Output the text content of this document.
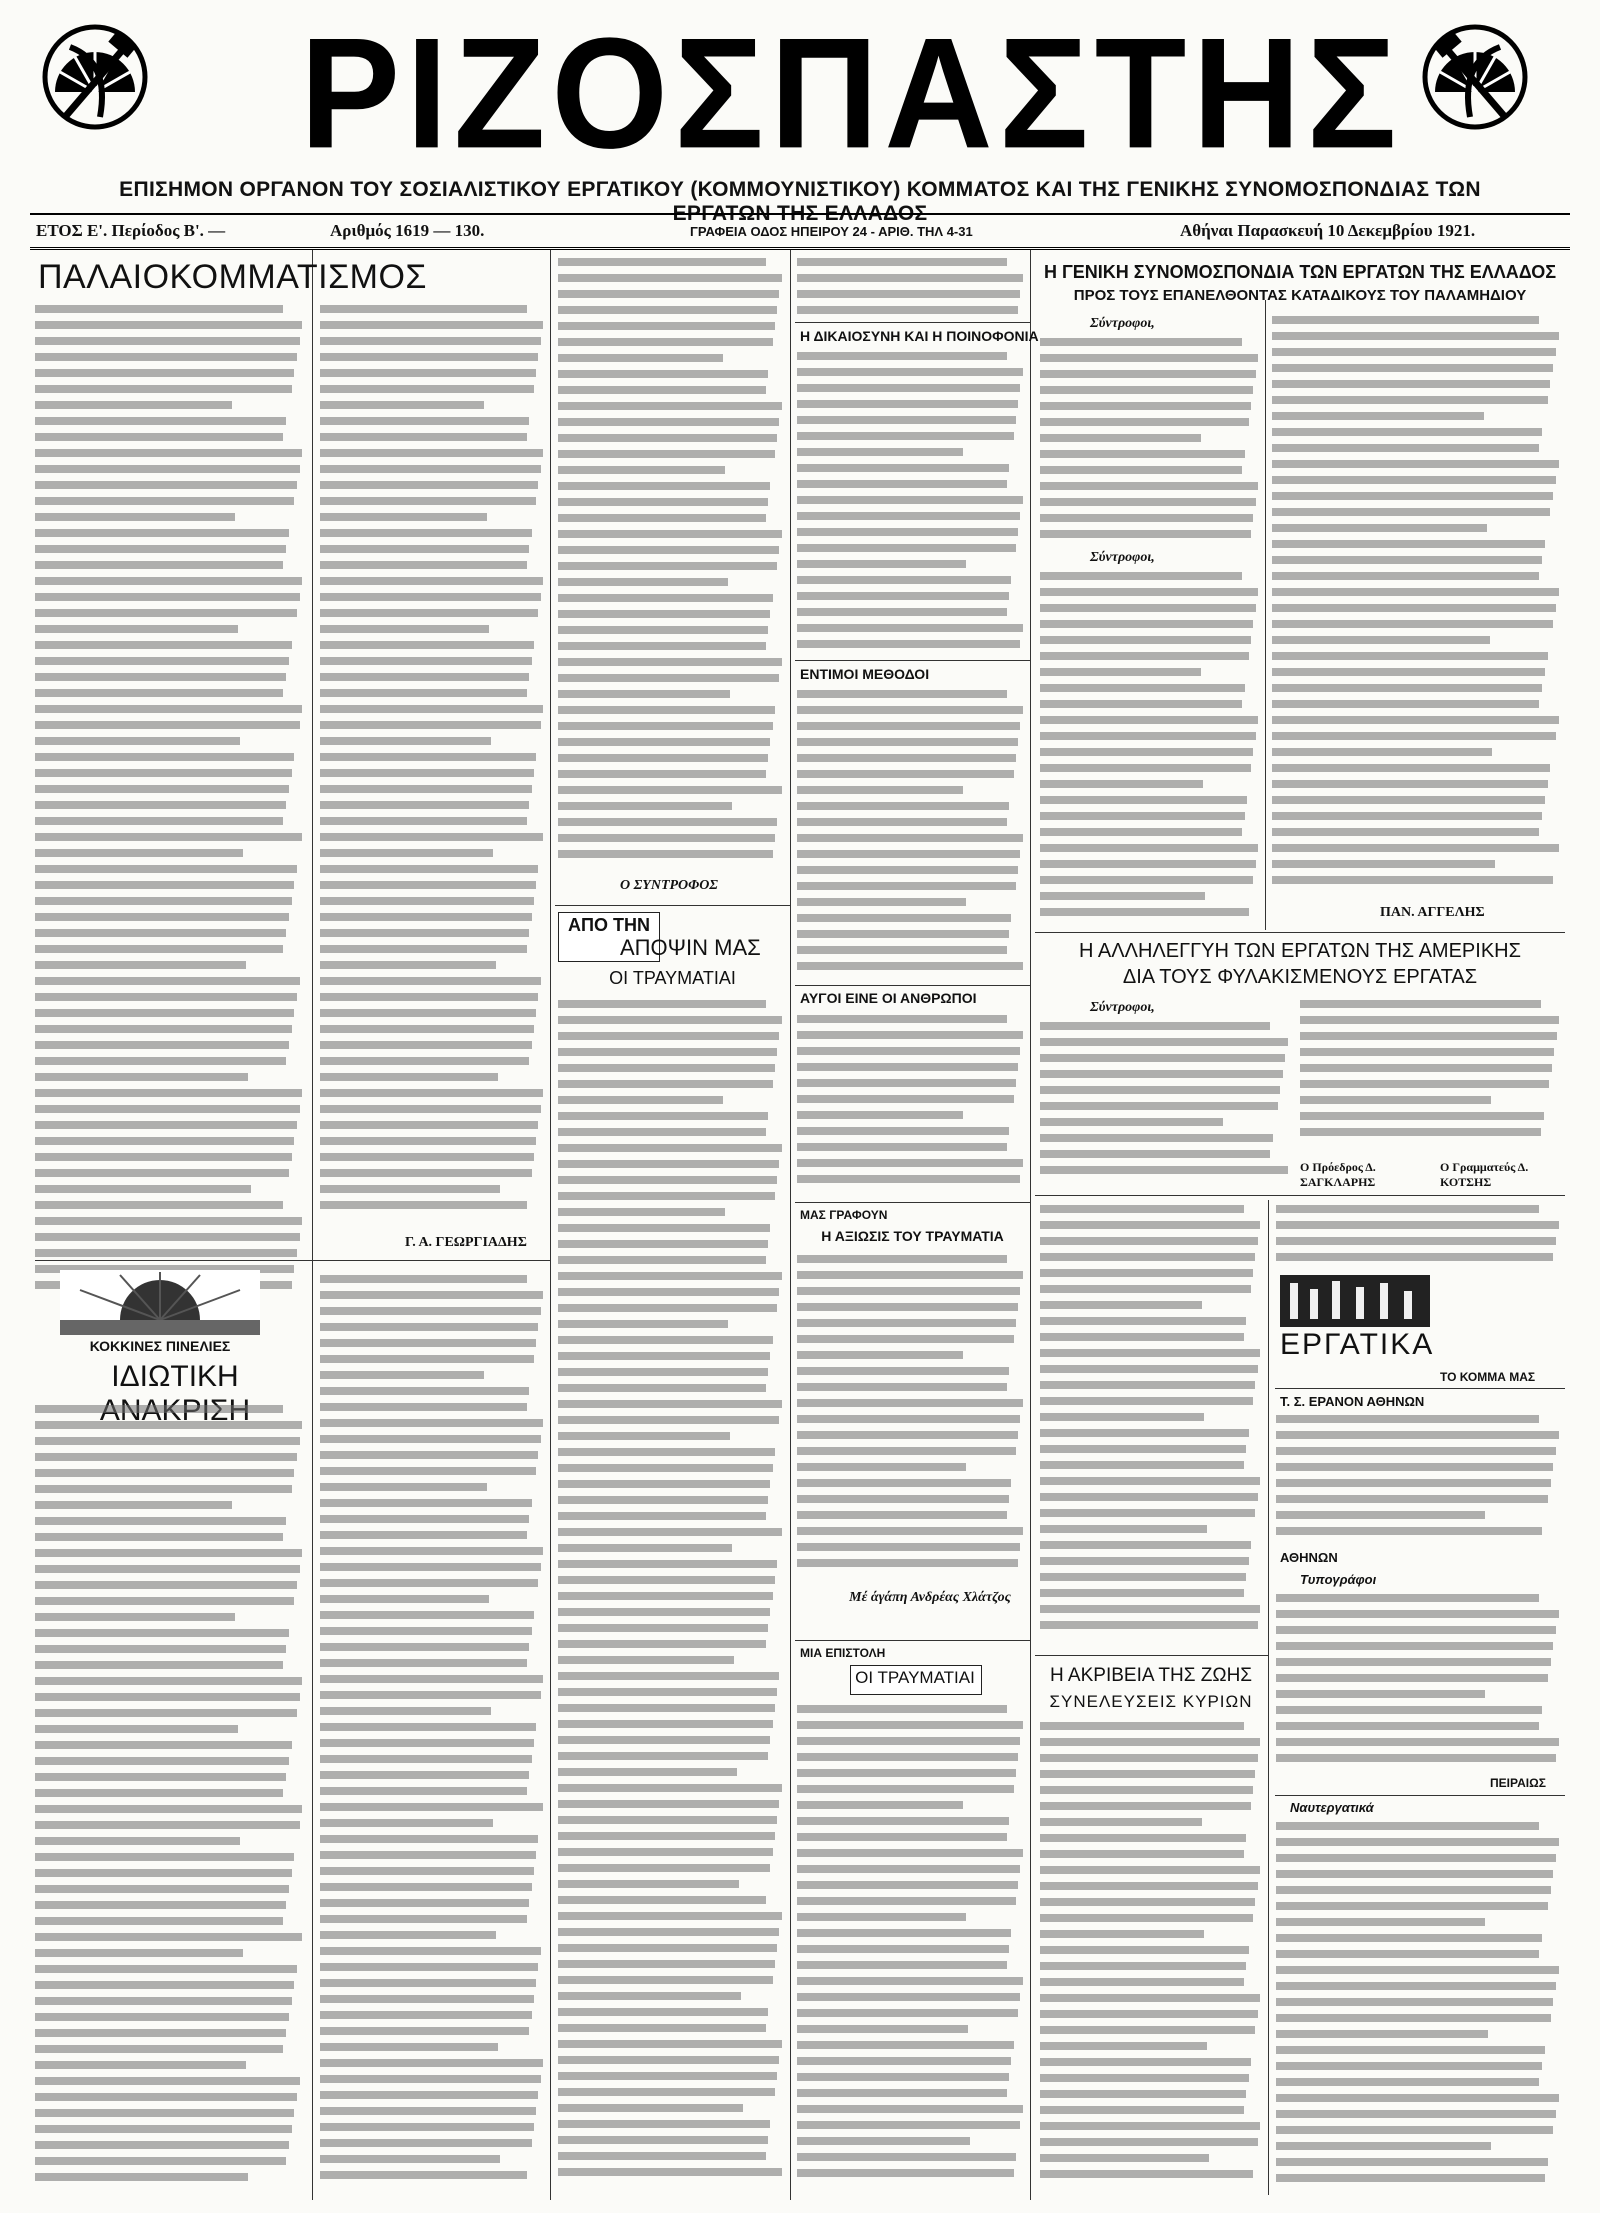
ΡΙΖΟΣΠΑΣΤΗΣ
ΕΠΙΣΗΜΟΝ ΟΡΓΑΝΟΝ ΤΟΥ ΣΟΣΙΑΛΙΣΤΙΚΟΥ ΕΡΓΑΤΙΚΟΥ (ΚΟΜΜΟΥΝΙΣΤΙΚΟΥ) ΚΟΜΜΑΤΟΣ ΚΑΙ ΤΗΣ ΓΕΝΙΚΗΣ ΣΥΝΟΜΟΣΠΟΝΔΙΑΣ ΤΩΝ ΕΡΓΑΤΩΝ ΤΗΣ ΕΛΛΑΔΟΣ
ΕΤΟΣ Ε'. Περίοδος Β'. —	Αριθμός 1619 — 130.	ΓΡΑΦΕΙΑ ΟΔΟΣ ΗΠΕΙΡΟΥ 24 - ΑΡΙΘ. ΤΗΛ 4-31	Αθήναι Παρασκευή 10 Δεκεμβρίου 1921.
ΠΑΛΑΙΟΚΟΜΜΑΤΙΣΜΟΣ
Γ. Α. ΓΕΩΡΓΙΑΔΗΣ
ΚΟΚΚΙΝΕΣ ΠΙΝΕΛΙΕΣ
ΙΔΙΩΤΙΚΗ
Ο ΣΥΝΤΡΟΦΟΣ
ΑΠΟ ΤΗΝ
ΑΠΟΨΙΝ ΜΑΣ
ΟΙ ΤΡΑΥΜΑΤΙΑΙ
Η ΔΙΚΑΙΟΣΥΝΗ ΚΑΙ Η ΠΟΙΝΟΦΟΝΙΑ
ΕΝΤΙΜΟΙ ΜΕΘΟΔΟΙ
ΑΥΓΟΙ ΕΙΝΕ ΟΙ ΑΝΘΡΩΠΟΙ
ΜΑΣ ΓΡΑΦΟΥΝ
Η ΑΞΙΩΣΙΣ ΤΟΥ ΤΡΑΥΜΑΤΙΑ
Μέ άγάπη Ανδρέας Χλάτζος
ΜΙΑ ΕΠΙΣΤΟΛΗ
ΟΙ ΤΡΑΥΜΑΤΙΑΙ
Η ΓΕΝΙΚΗ ΣΥΝΟΜΟΣΠΟΝΔΙΑ ΤΩΝ ΕΡΓΑΤΩΝ ΤΗΣ ΕΛΛΑΔΟΣ
ΠΡΟΣ ΤΟΥΣ ΕΠΑΝΕΛΘΟΝΤΑΣ ΚΑΤΑΔΙΚΟΥΣ ΤΟΥ ΠΑΛΑΜΗΔΙΟΥ
Σύντροφοι,
Σύντροφοι,
ΠΑΝ. ΑΓΓΕΛΗΣ
Η ΑΛΛΗΛΕΓΓΥΗ ΤΩΝ ΕΡΓΑΤΩΝ ΤΗΣ ΑΜΕΡΙΚΗΣ
ΔΙΑ ΤΟΥΣ ΦΥΛΑΚΙΣΜΕΝΟΥΣ ΕΡΓΑΤΑΣ
Σύντροφοι,
Ο Πρόεδρος Δ. ΣΑΓΚΛΑΡΗΣ
Ο Γραμματεύς Δ. ΚΟΤΣΗΣ
ΕΡΓΑΤΙΚΑ
ΤΟ ΚΟΜΜΑ ΜΑΣ
Τ. Σ. ΕΡΑΝΟΝ ΑΘΗΝΩΝ
ΑΘΗΝΩΝ
Τυπογράφοι
ΠΕΙΡΑΙΩΣ
Ναυτεργατικά
Η ΑΚΡΙΒΕΙΑ ΤΗΣ ΖΩΗΣ
ΣΥΝΕΛΕΥΣΕΙΣ ΚΥΡΙΩΝ
